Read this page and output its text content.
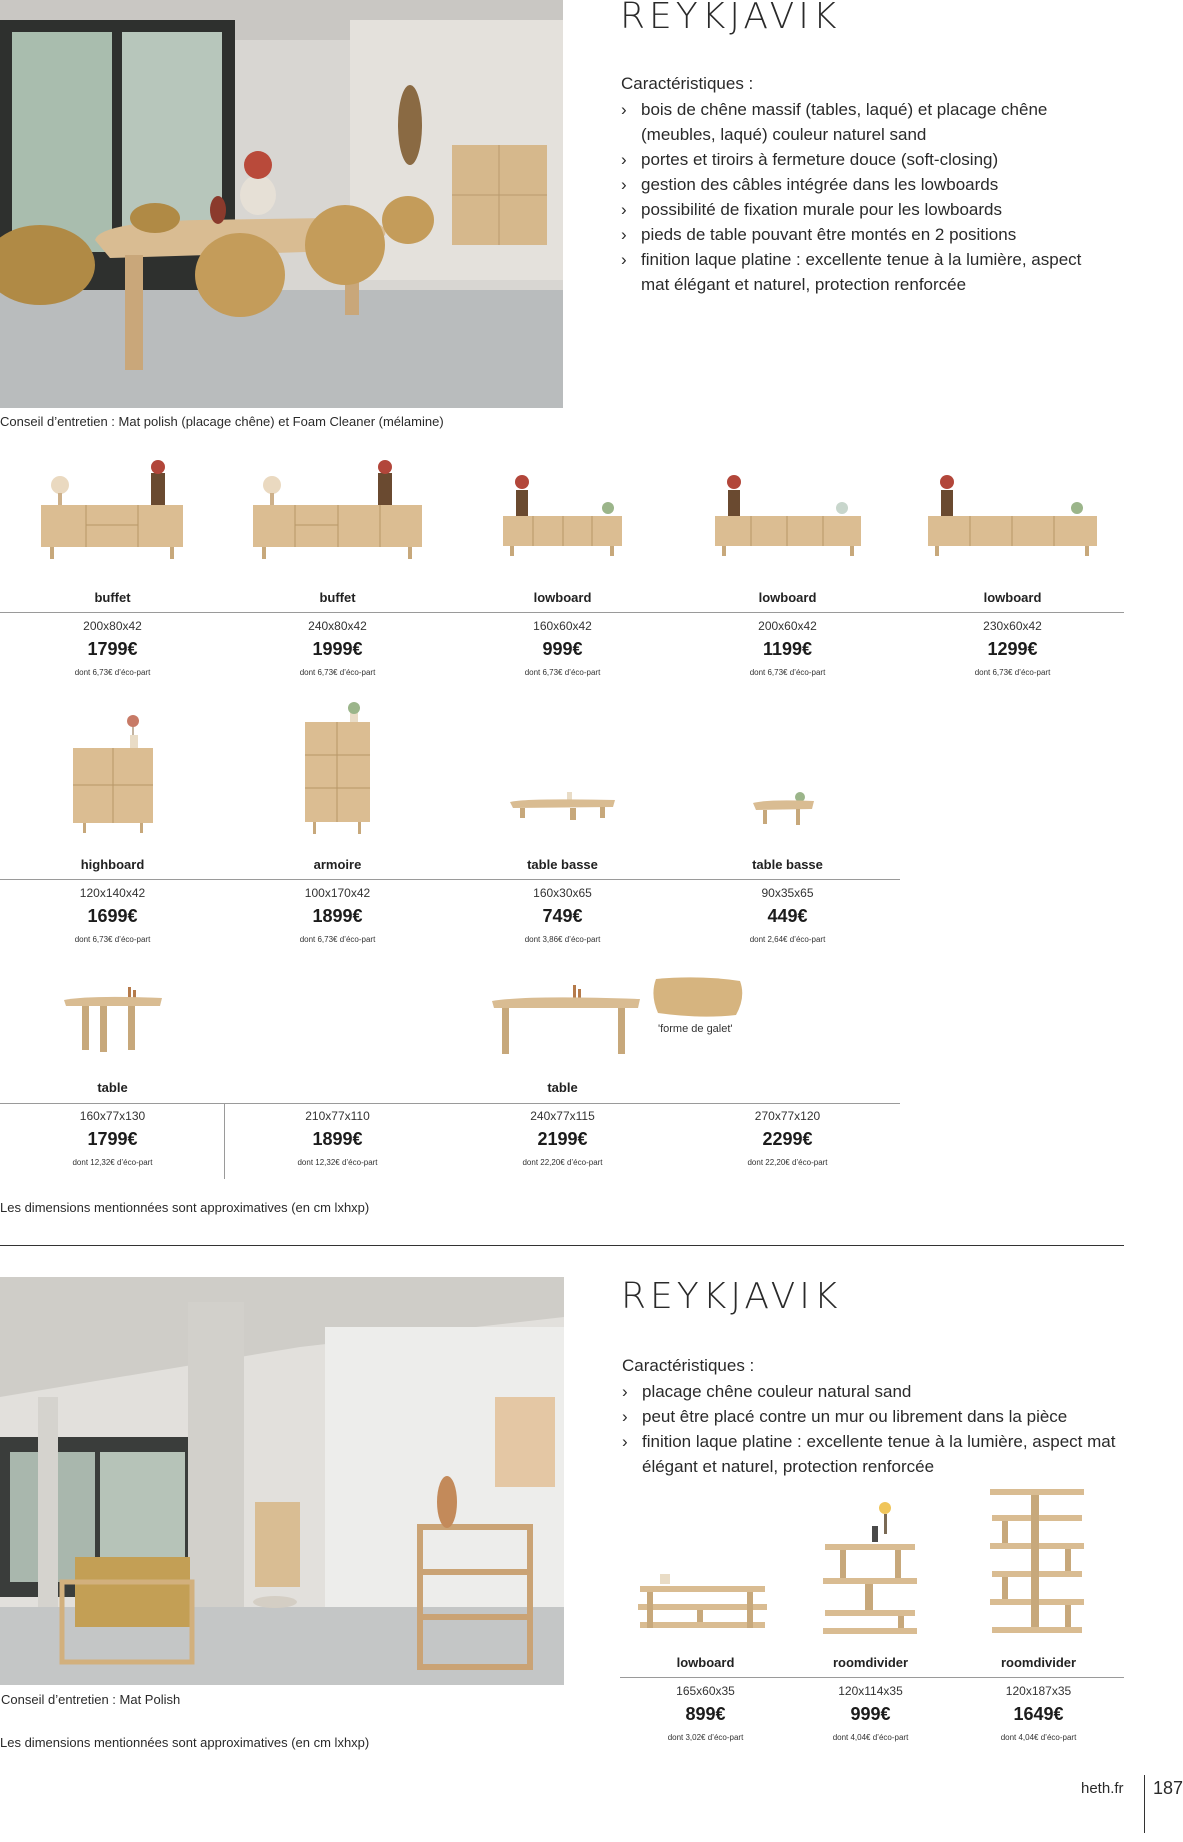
REYKJAVIK
Caractéristiques :
› bois de chêne massif (tables, laqué) et placage chêne (meubles, laqué) couleur naturel sand
› portes et tiroirs à fermeture douce (soft-closing)
› gestion des câbles intégrée dans les lowboards
› possibilité de fixation murale pour les lowboards
› pieds de table pouvant être montés en 2 positions
› finition laque platine : excellente tenue à la lumière, aspect mat élégant et naturel, protection renforcée
Conseil d’entretien : Mat polish (placage chêne) et Foam Cleaner (mélamine)
buffet
200x80x42
1799€
dont 6,73€ d’éco-part
buffet
240x80x42
1999€
dont 6,73€ d’éco-part
lowboard
160x60x42
999€
dont 6,73€ d’éco-part
lowboard
200x60x42
1199€
dont 6,73€ d’éco-part
lowboard
230x60x42
1299€
dont 6,73€ d’éco-part
highboard
120x140x42
1699€
dont 6,73€ d’éco-part
armoire
100x170x42
1899€
dont 6,73€ d’éco-part
table basse
160x30x65
749€
dont 3,86€ d’éco-part
table basse
90x35x65
449€
dont 2,64€ d’éco-part
'forme de galet'
table	table
160x77x130
1799€
dont 12,32€ d’éco-part
210x77x110
1899€
dont 12,32€ d’éco-part
240x77x115
2199€
dont 22,20€ d’éco-part
270x77x120
2299€
dont 22,20€ d’éco-part
Les dimensions mentionnées sont approximatives (en cm lxhxp)
REYKJAVIK
Caractéristiques :
› placage chêne couleur natural sand
› peut être placé contre un mur ou librement dans la pièce
› finition laque platine : excellente tenue à la lumière, aspect mat élégant et naturel, protection renforcée
lowboard
165x60x35
899€
dont 3,02€ d’éco-part
roomdivider
120x114x35
999€
dont 4,04€ d’éco-part
roomdivider
120x187x35
1649€
dont 4,04€ d’éco-part
Conseil d’entretien : Mat Polish
Les dimensions mentionnées sont approximatives (en cm lxhxp)
heth.fr 187
